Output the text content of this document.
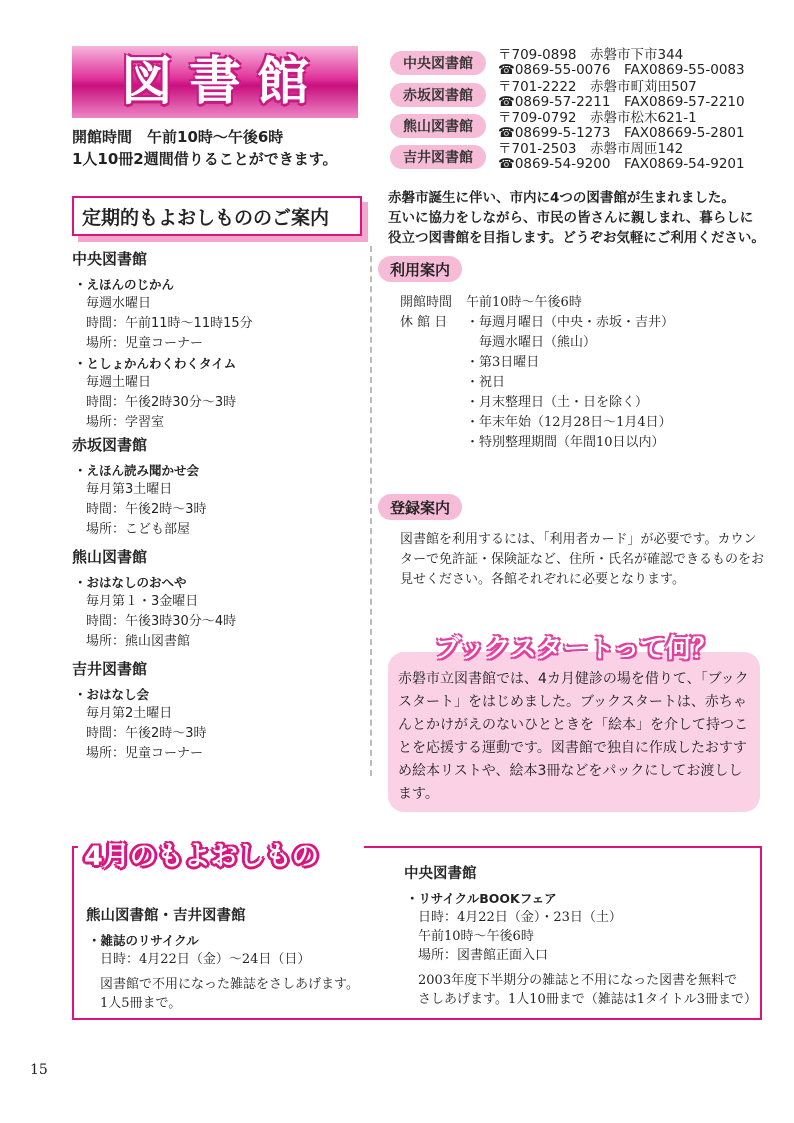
図 書 館
開館時間　午前10時～午後6時
1人10冊2週間借りることができます。
中央図書館
〒709-0898　赤磐市下市344
☎0869-55-0076　FAX0869-55-0083
赤坂図書館
〒701-2222　赤磐市町苅田507
☎0869-57-2211　FAX0869-57-2210
熊山図書館
〒709-0792　赤磐市松木621-1
☎08699-5-1273　FAX08669-5-2801
吉井図書館
〒701-2503　赤磐市周匝142
☎0869-54-9200　FAX0869-54-9201
定期的もよおしもののご案内
中央図書館
・えほんのじかん
毎週水曜日
時間：午前11時～11時15分
場所：児童コーナー
・としょかんわくわくタイム
毎週土曜日
時間：午後2時30分～3時
場所：学習室
赤坂図書館
・えほん読み聞かせ会
毎月第3土曜日
時間：午後2時～3時
場所：こども部屋
熊山図書館
・おはなしのおへや
毎月第１・3金曜日
時間：午後3時30分～4時
場所：熊山図書館
吉井図書館
・おはなし会
毎月第2土曜日
時間：午後2時～3時
場所：児童コーナー
赤磐市誕生に伴い、市内に4つの図書館が生まれました。
互いに協力をしながら、市民の皆さんに親しまれ、暮らしに
役立つ図書館を目指します。どうぞお気軽にご利用ください。
利用案内
開館時間 午前10時～午後6時
休 館 日	・毎週月曜日（中央・赤坂・吉井）
　毎週水曜日（熊山）
・第3日曜日
・祝日
・月末整理日（土・日を除く）
・年末年始（12月28日～1月4日）
・特別整理期間（年間10日以内）
登録案内
図書館を利用するには、「利用者カード」が必要です。カウンターで免許証・保険証など、住所・氏名が確認できるものをお見せください。各館それぞれに必要となります。
ブックスタートって何？
赤磐市立図書館では、4カ月健診の場を借りて、「ブックスタート」をはじめました。ブックスタートは、赤ちゃんとかけがえのないひとときを「絵本」を介して持つことを応援する運動です。図書館で独自に作成したおすすめ絵本リストや、絵本3冊などをパックにしてお渡しします。
4月のもよおしもの
熊山図書館・吉井図書館
・雑誌のリサイクル
日時：4月22日（金）～24日（日）
図書館で不用になった雑誌をさしあげます。
1人5冊まで。
中央図書館
・リサイクルBOOKフェア
日時：4月22日（金）・23日（土）
午前10時～午後6時
場所：図書館正面入口
2003年度下半期分の雑誌と不用になった図書を無料で
さしあげます。1人10冊まで（雑誌は1タイトル3冊まで）
15
